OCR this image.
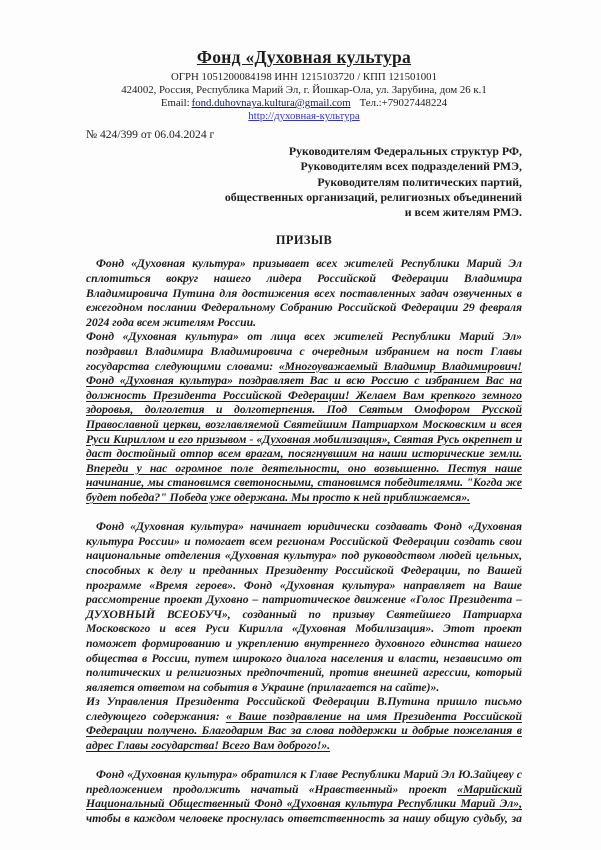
Фонд «Духовная культура
ОГРН 1051200084198 ИНН 1215103720 / КПП 121501001
424002, Россия, Республика Марий Эл, г. Йошкар-Ола, ул. Зарубина, дом 26 к.1
Email: fond.duhovnaya.kultura@gmail.com Тел.:+79027448224
http://духовная-культура
№ 424/399 от 06.04.2024 г
Руководителям Федеральных структур РФ,
Руководителям всех подразделений РМЭ,
Руководителям политических партий,
общественных организаций, религиозных объединений
и всем жителям РМЭ.
ПРИЗЫВ

Фонд «Духовная культура» призывает всех жителей Республики Марий Эл сплотиться вокруг нашего лидера Российской Федерации Владимира Владимировича Путина для достижения всех поставленных задач озвученных в ежегодном послании Федеральному Собранию Российской Федерации 29 февраля 2024 года всем жителям России.

Фонд «Духовная культура» от лица всех жителей Республики Марий Эл» поздравил Владимира Владимировича с очередным избранием на пост Главы государства следующими словами: «Многоуважаемый Владимир Владимирович! Фонд «Духовная культура» поздравляет Вас и всю Россию с избранием Вас на должность Президента Российской Федерации! Желаем Вам крепкого земного здоровья, долголетия и долготерпения. Под Святым Омофором Русской Православной церкви, возглавляемой Святейшим Патриархом Московским и всея Руси Кириллом и его призывом - «Духовная мобилизация», Святая Русь окрепнет и даст достойный отпор всем врагам, посягнувшим на наши исторические земли. Впереди у нас огромное поле деятельности, оно возвышенно. Пестуя наше начинание, мы становимся светоносными, становимся победителями. "Когда же будет победа?" Победа уже одержана. Мы просто к ней приближаемся».

Фонд «Духовная культура» начинает юридически создавать Фонд «Духовная культура России» и помогает всем регионам Российской Федерации создать свои национальные отделения «Духовная культура» под руководством людей цельных, способных к делу и преданных Президенту Российской Федерации, по Вашей программе «Время героев». Фонд «Духовная культура» направляет на Ваше рассмотрение проект Духовно – патриотическое движение «Голос Президента – ДУХОВНЫЙ ВСЕОБУЧ», созданный по призыву Святейшего Патриарха Московского и всея Руси Кирилла «Духовная Мобилизация». Этот проект поможет формированию и укреплению внутреннего духовного единства нашего общества в России, путем широкого диалога населения и власти, независимо от политических и религиозных предпочтений, против внешней агрессии, который является ответом на события в Украине (прилагается на сайте)».

Из Управления Президента Российской Федерации В.Путина пришло письмо следующего содержания: « Ваше поздравление на имя Президента Российской Федерации получено. Благодарим Вас за слова поддержки и добрые пожелания в адрес Главы государства! Всего Вам доброго!».

Фонд «Духовная культура» обратился к Главе Республики Марий Эл Ю.Зайцеву с предложением продолжить начатый «Нравственный» проект «Марийский Национальный Общественный Фонд «Духовная культура Республики Марий Эл», чтобы в каждом человеке проснулась ответственность за нашу общую судьбу, за
